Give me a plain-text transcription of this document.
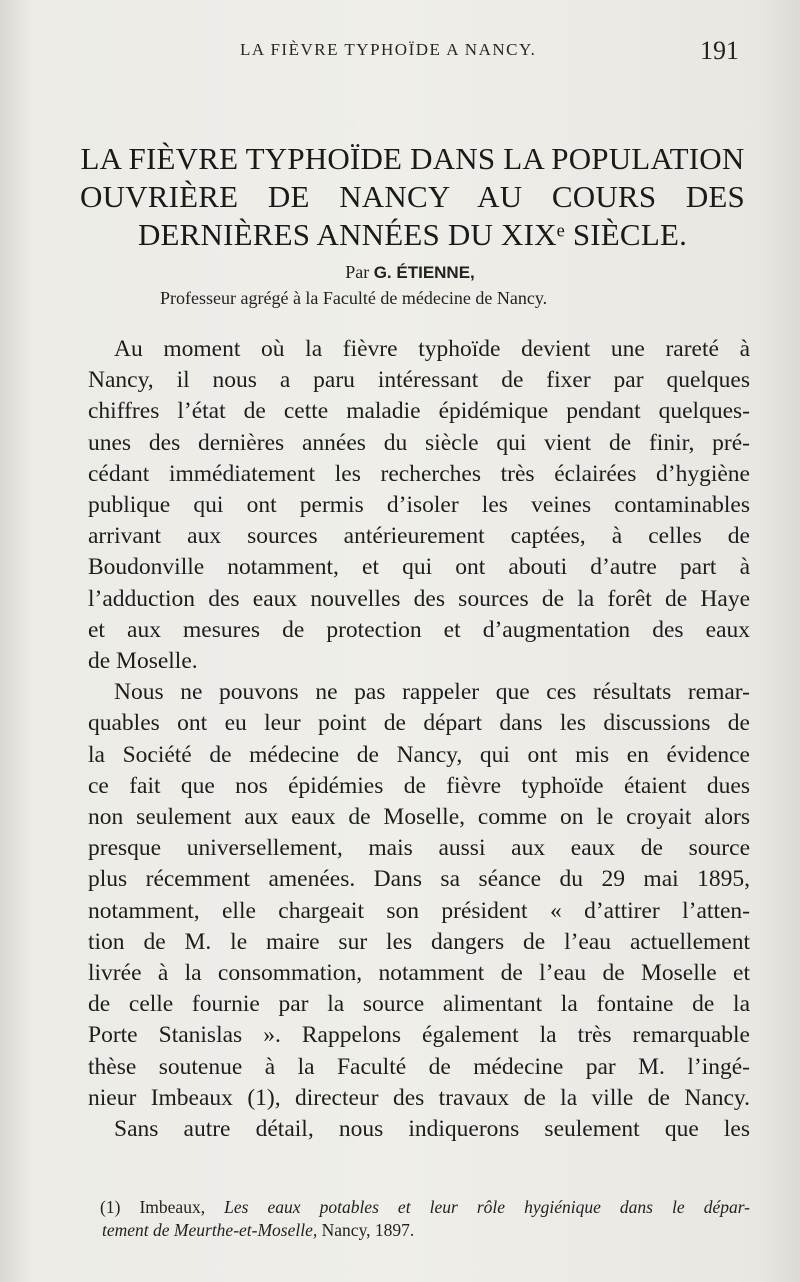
LA FIÈVRE TYPHOÏDE A NANCY.	191
LA FIÈVRE TYPHOÏDE DANS LA POPULATION
OUVRIÈRE DE NANCY AU COURS DES
DERNIÈRES ANNÉES DU XIXᵉ SIÈCLE.
Par G. ÉTIENNE,
Professeur agrégé à la Faculté de médecine de Nancy.
Au moment où la fièvre typhoïde devient une rareté à
Nancy, il nous a paru intéressant de fixer par quelques
chiffres l’état de cette maladie épidémique pendant quelques-
unes des dernières années du siècle qui vient de finir, pré-
cédant immédiatement les recherches très éclairées d’hygiène
publique qui ont permis d’isoler les veines contaminables
arrivant aux sources antérieurement captées, à celles de
Boudonville notamment, et qui ont abouti d’autre part à
l’adduction des eaux nouvelles des sources de la forêt de Haye
et aux mesures de protection et d’augmentation des eaux
de Moselle.
Nous ne pouvons ne pas rappeler que ces résultats remar-
quables ont eu leur point de départ dans les discussions de
la Société de médecine de Nancy, qui ont mis en évidence
ce fait que nos épidémies de fièvre typhoïde étaient dues
non seulement aux eaux de Moselle, comme on le croyait alors
presque universellement, mais aussi aux eaux de source
plus récemment amenées. Dans sa séance du 29 mai 1895,
notamment, elle chargeait son président « d’attirer l’atten-
tion de M. le maire sur les dangers de l’eau actuellement
livrée à la consommation, notamment de l’eau de Moselle et
de celle fournie par la source alimentant la fontaine de la
Porte Stanislas ». Rappelons également la très remarquable
thèse soutenue à la Faculté de médecine par M. l’ingé-
nieur Imbeaux (1), directeur des travaux de la ville de Nancy.
Sans autre détail, nous indiquerons seulement que les
(1) Imbeaux, Les eaux potables et leur rôle hygiénique dans le dépar-
tement de Meurthe-et-Moselle, Nancy, 1897.
